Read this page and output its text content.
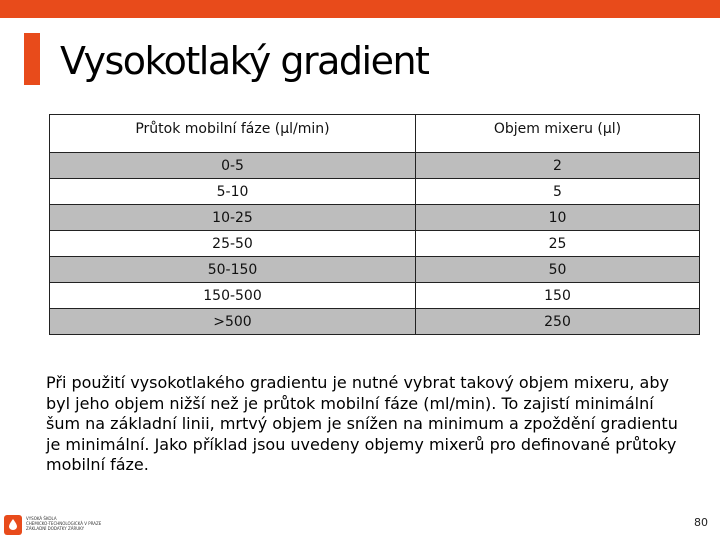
Vysokotlaký gradient
Průtok mobilní fáze (μl/min)	Objem mixeru (μl)
0-5	2
5-10	5
10-25	10
25-50	25
50-150	50
150-500	150
>500	250
Při použití vysokotlakého gradientu je nutné vybrat takový objem mixeru, aby byl jeho objem nižší než je průtok mobilní fáze (ml/min). To zajistí minimální šum na základní linii, mrtvý objem je snížen na minimum a zpoždění gradientu je minimální. Jako příklad jsou uvedeny objemy mixerů pro definované průtoky mobilní fáze.
VYSOKÁ ŠKOLA
CHEMICKO-TECHNOLOGICKÁ V PRAZE
ZÁKLADNÍ DODATKY ZÁRUKY	80
